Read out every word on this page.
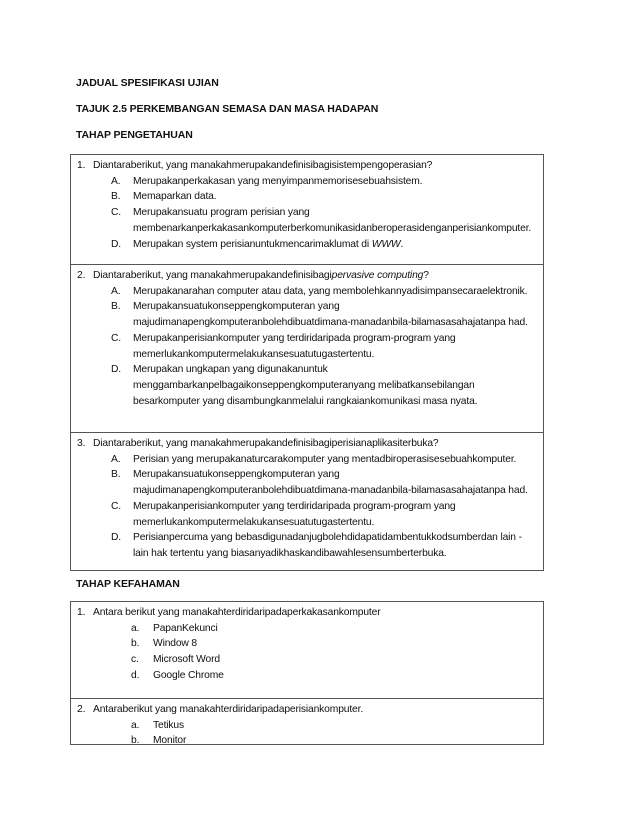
JADUAL SPESIFIKASI UJIAN
TAJUK 2.5 PERKEMBANGAN SEMASA DAN MASA HADAPAN
TAHAP PENGETAHUAN
1. Diantaraberikut, yang manakahmerupakandefinisibagisistempengoperasian?
A.	Merupakanperkakasan yang menyimpanmemorisesebuahsistem.
B.	Memaparkan data.
C.	Merupakansuatu program perisian yang membenarkanperkakasankomputerberkomunikasidanberoperasidenganperisiankomputer.
D.	Merupakan system perisianuntukmencarimaklumat di WWW.
2. Diantaraberikut, yang manakahmerupakandefinisibagipervasive computing?
A.	Merupakanarahan computer atau data, yang membolehkannyadisimpansecaraelektronik.
B.	Merupakansuatukonseppengkomputeran yang majudimanapengkomputeranbolehdibuatdimana-manadanbila-bilamasasahajatanpa had.
C.	Merupakanperisiankomputer yang terdiridaripada program-program yang memerlukankomputermelakukansesuatutugastertentu.
D.	Merupakan ungkapan yang digunakanuntuk menggambarkanpelbagaikonseppengkomputeranyang melibatkansebilangan besarkomputer yang disambungkanmelalui rangkaiankomunikasi masa nyata.
3. Diantaraberikut, yang manakahmerupakandefinisibagiperisianaplikasiterbuka?
A.	Perisian yang merupakanaturcarakomputer yang mentadbiroperasisesebuahkomputer.
B.	Merupakansuatukonseppengkomputeran yang majudimanapengkomputeranbolehdibuatdimana-manadanbila-bilamasasahajatanpa had.
C.	Merupakanperisiankomputer yang terdiridaripada program-program yang memerlukankomputermelakukansesuatutugastertentu.
D.	Perisianpercuma yang bebasdigunadanjugbolehdidapatidambentukkodsumberdan lain - lain hak tertentu yang biasanyadikhaskandibawahlesensumberterbuka.
TAHAP KEFAHAMAN
1. Antara berikut yang manakahterdiridaripadaperkakasankomputer
a.	PapanKekunci
b.	Window 8
c.	Microsoft Word
d.	Google Chrome
2. Antaraberikut yang manakahterdiridaripadaperisiankomputer.
a.	Tetikus
b.	Monitor
